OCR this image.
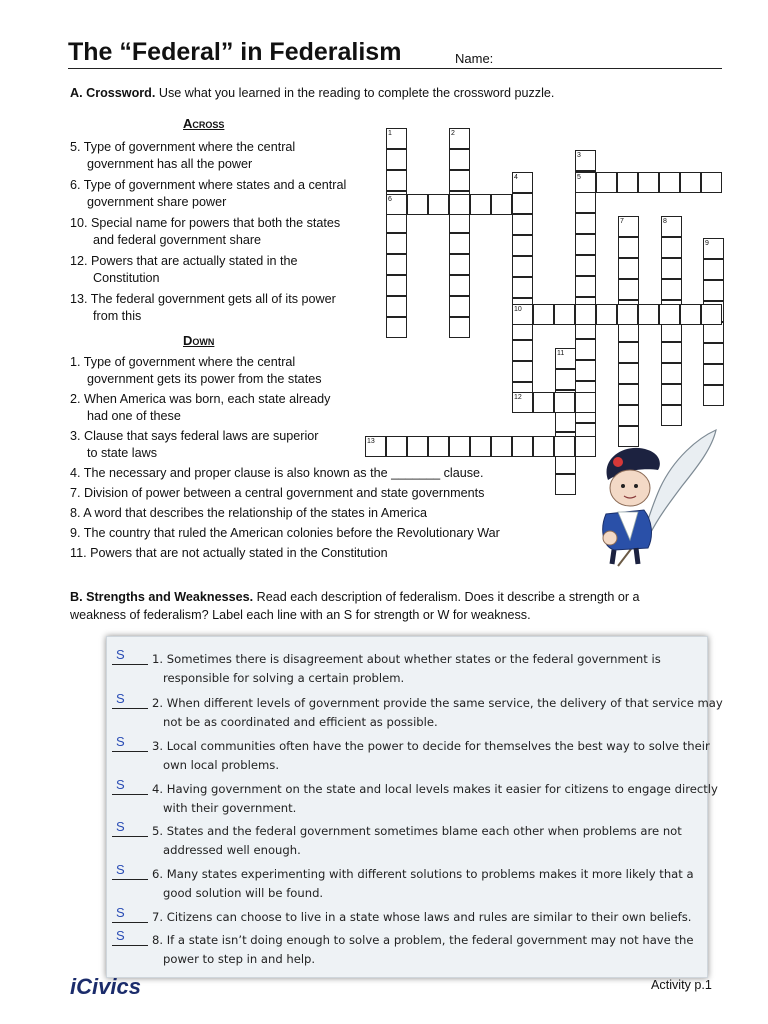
The “Federal” in Federalism	Name:
A. Crossword. Use what you learned in the reading to complete the crossword puzzle.
Across
5. Type of government where the central
government has all the power
6. Type of government where states and a central
government share power
10. Special name for powers that both the states
and federal government share
12. Powers that are actually stated in the
Constitution
13. The federal government gets all of its power
from this
Down
1. Type of government where the central
government gets its power from the states
2. When America was born, each state already
had one of these
3. Clause that says federal laws are superior
to state laws
4. The necessary and proper clause is also known as the _______ clause.
7. Division of power between a central government and state governments
8. A word that describes the relationship of the states in America
9. The country that ruled the American colonies before the Revolutionary War
11. Powers that are not actually stated in the Constitution
1	2
3
4	5
6
7	8
9
10
11
12
13
B. Strengths and Weaknesses. Read each description of federalism. Does it describe a strength or a
weakness of federalism? Label each line with an S for strength or W for weakness.
S 1. Sometimes there is disagreement about whether states or the federal government is
responsible for solving a certain problem.
S 2. When different levels of government provide the same service, the delivery of that service may
not be as coordinated and efficient as possible.
S 3. Local communities often have the power to decide for themselves the best way to solve their
own local problems.
S 4. Having government on the state and local levels makes it easier for citizens to engage directly
with their government.
S 5. States and the federal government sometimes blame each other when problems are not
addressed well enough.
S 6. Many states experimenting with different solutions to problems makes it more likely that a
good solution will be found.
S 7. Citizens can choose to live in a state whose laws and rules are similar to their own beliefs.
S 8. If a state isn’t doing enough to solve a problem, the federal government may not have the
power to step in and help.
iCivics	Activity p.1
